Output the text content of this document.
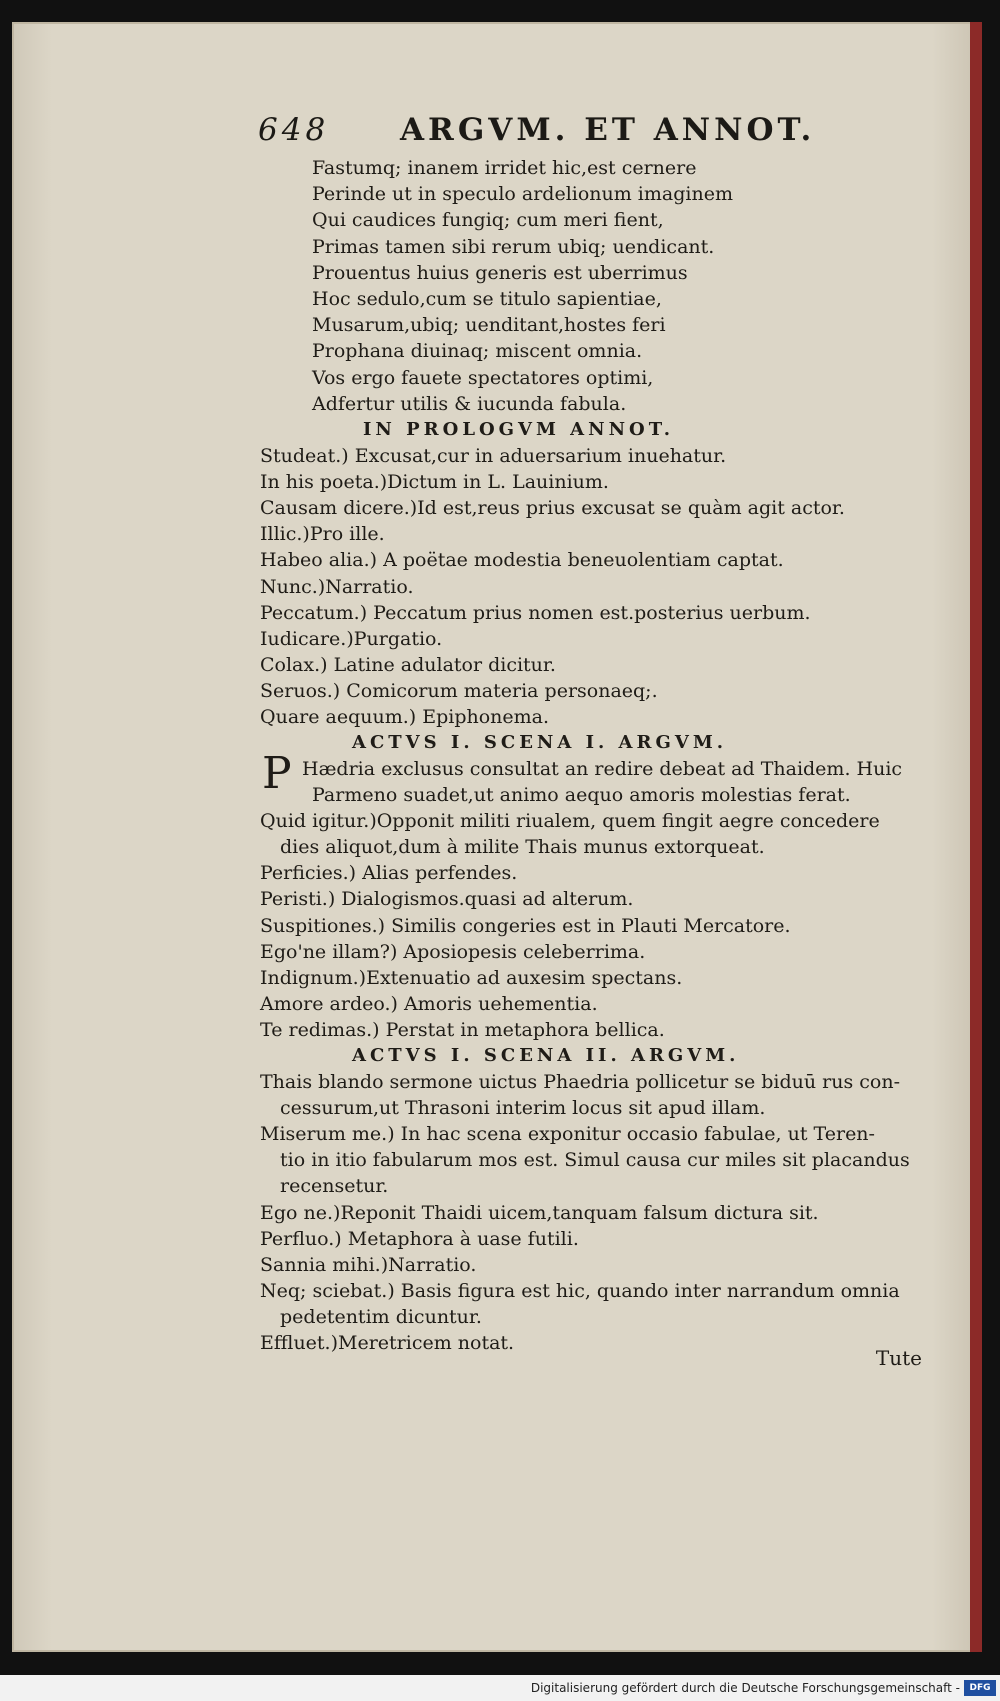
648 ARGVM. ET ANNOT.
Fastumq; inanem irridet hic,est cernere
Perinde ut in speculo ardelionum imaginem
Qui caudices fungiq; cum meri fient,
Primas tamen sibi rerum ubiq; uendicant.
Prouentus huius generis est uberrimus
Hoc sedulo,cum se titulo sapientiae,
Musarum,ubiq; uenditant,hostes feri
Prophana diuinaq; miscent omnia.
Vos ergo fauete spectatores optimi,
Adfertur utilis & iucunda fabula.
IN PROLOGVM ANNOT.
Studeat.) Excusat,cur in aduersarium inuehatur.
In his poeta.)Dictum in L. Lauinium.
Causam dicere.)Id est,reus prius excusat se quàm agit actor.
Illic.)Pro ille.
Habeo alia.) A poëtae modestia beneuolentiam captat.
Nunc.)Narratio.
Peccatum.) Peccatum prius nomen est.posterius uerbum.
Iudicare.)Purgatio.
Colax.) Latine adulator dicitur.
Seruos.) Comicorum materia personaeq;.
Quare aequum.) Epiphonema.
ACTVS I. SCENA I. ARGVM.
Hædria exclusus consultat an redire debeat ad Thaidem. Huic
Parmeno suadet,ut animo aequo amoris molestias ferat.
Quid igitur.)Opponit militi riualem, quem fingit aegre concedere
dies aliquot,dum à milite Thais munus extorqueat.
Perficies.) Alias perfendes.
Peristi.) Dialogismos.quasi ad alterum.
Suspitiones.) Similis congeries est in Plauti Mercatore.
Ego'ne illam?) Aposiopesis celeberrima.
Indignum.)Extenuatio ad auxesim spectans.
Amore ardeo.) Amoris uehementia.
Te redimas.) Perstat in metaphora bellica.
ACTVS I. SCENA II. ARGVM.
Thais blando sermone uictus Phaedria pollicetur se biduū rus con-
cessurum,ut Thrasoni interim locus sit apud illam.
Miserum me.) In hac scena exponitur occasio fabulae, ut Teren-
tio in itio fabularum mos est. Simul causa cur miles sit placandus
recensetur.
Ego ne.)Reponit Thaidi uicem,tanquam falsum dictura sit.
Perfluo.) Metaphora à uase futili.
Sannia mihi.)Narratio.
Neq; sciebat.) Basis figura est hic, quando inter narrandum omnia
pedetentim dicuntur.
Effluet.)Meretricem notat.
P
Tute
Digitalisierung gefördert durch die Deutsche Forschungsgemeinschaft -	DFG
